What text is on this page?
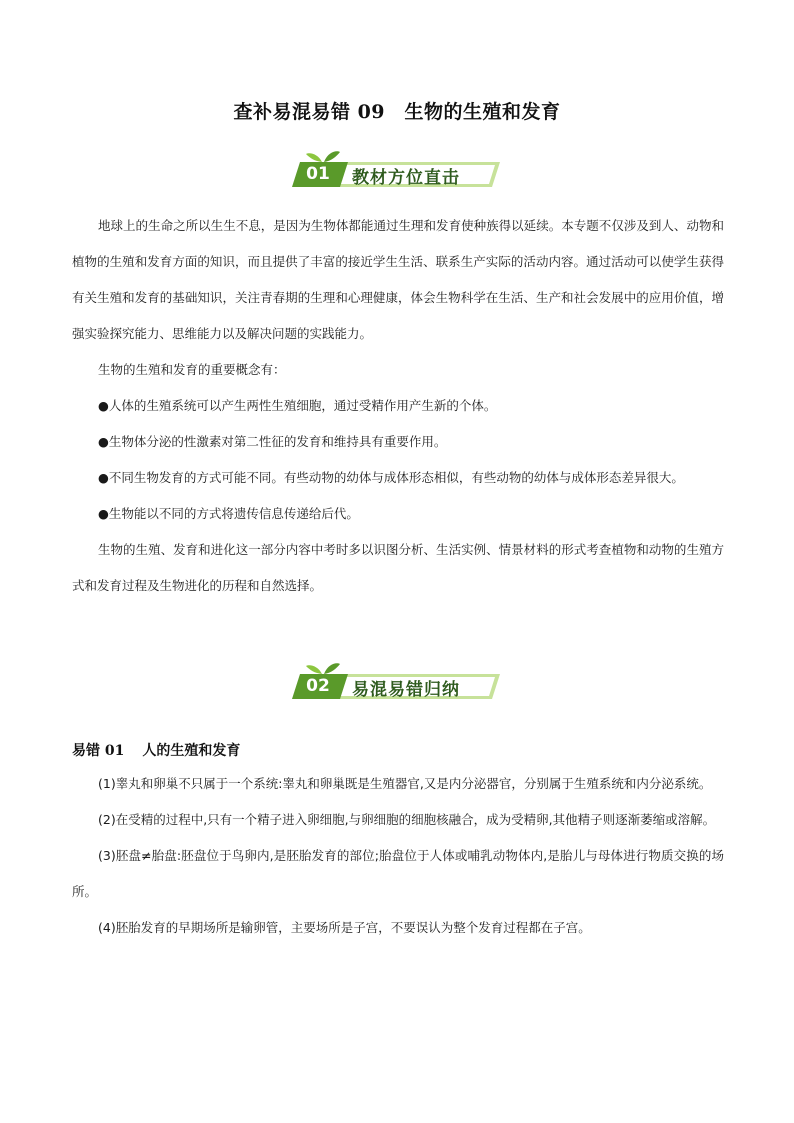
查补易混易错 09　生物的生殖和发育
01	教材方位直击

地球上的生命之所以生生不息，是因为生物体都能通过生理和发育使种族得以延续。本专题不仅涉及到人、动物和植物的生殖和发育方面的知识，而且提供了丰富的接近学生生活、联系生产实际的活动内容。通过活动可以使学生获得有关生殖和发育的基础知识，关注青春期的生理和心理健康，体会生物科学在生活、生产和社会发展中的应用价值，增强实验探究能力、思维能力以及解决问题的实践能力。

生物的生殖和发育的重要概念有：

●人体的生殖系统可以产生两性生殖细胞，通过受精作用产生新的个体。

●生物体分泌的性激素对第二性征的发育和维持具有重要作用。

●不同生物发育的方式可能不同。有些动物的幼体与成体形态相似，有些动物的幼体与成体形态差异很大。

●生物能以不同的方式将遗传信息传递给后代。

生物的生殖、发育和进化这一部分内容中考时多以识图分析、生活实例、情景材料的形式考查植物和动物的生殖方式和发育过程及生物进化的历程和自然选择。

02	易混易错归纳
易错 01 人的生殖和发育

(1)睾丸和卵巢不只属于一个系统:睾丸和卵巢既是生殖器官,又是内分泌器官，分别属于生殖系统和内分泌系统。

(2)在受精的过程中,只有一个精子进入卵细胞,与卵细胞的细胞核融合，成为受精卵,其他精子则逐渐萎缩或溶解。

(3)胚盘≠胎盘:胚盘位于鸟卵内,是胚胎发育的部位;胎盘位于人体或哺乳动物体内,是胎儿与母体进行物质交换的场所。

(4)胚胎发育的早期场所是输卵管，主要场所是子宫，不要误认为整个发育过程都在子宫。
